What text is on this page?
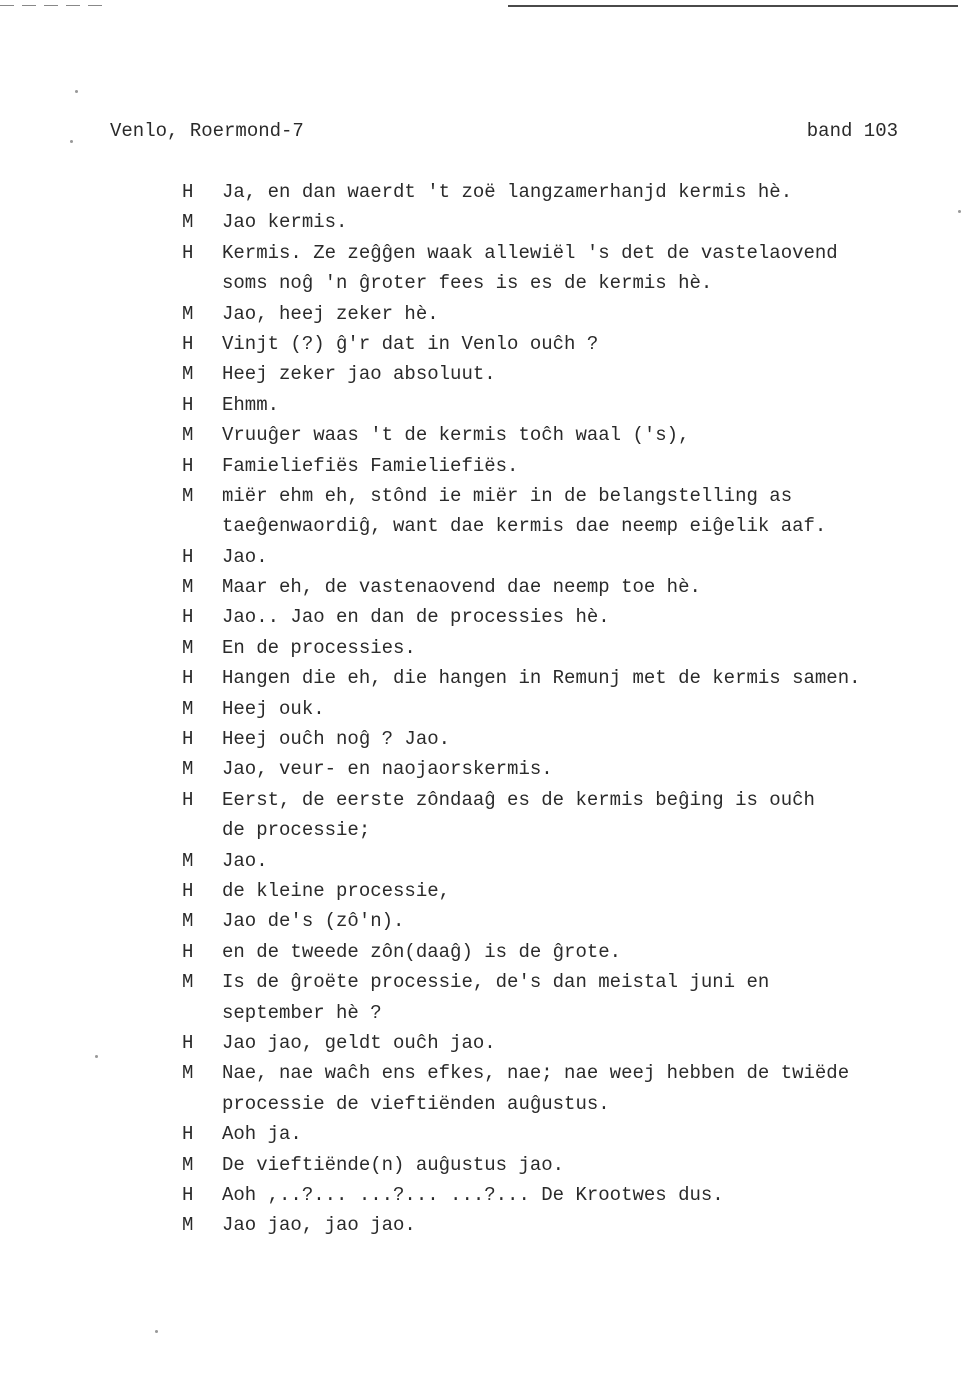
Venlo, Roermond-7	band 103
H	Ja, en dan waerdt 't zoë langzamerhanjd kermis hè.
M	Jao kermis.
H	Kermis. Ze zeĝĝen waak allewiël 's det de vastelaovend
soms noĝ 'n ĝroter fees is es de kermis hè.
M	Jao, heej zeker hè.
H	Vinjt (?) ĝ'r dat in Venlo ouĉh ?
M	Heej zeker jao absoluut.
H	Ehmm.
M	Vruuĝer waas 't de kermis toĉh waal ('s),
H	Famieliefiës Famieliefiës.
M	miër ehm eh, stônd ie miër in de belangstelling as
taeĝenwaordiĝ, want dae kermis dae neemp eiĝelik aaf.
H	Jao.
M	Maar eh, de vastenaovend dae neemp toe hè.
H	Jao.. Jao en dan de processies hè.
M	En de processies.
H	Hangen die eh, die hangen in Remunj met de kermis samen.
M	Heej ouk.
H	Heej ouĉh noĝ ? Jao.
M	Jao, veur- en naojaorskermis.
H	Eerst, de eerste zôndaaĝ es de kermis beĝing is ouĉh
de processie;
M	Jao.
H	de kleine processie,
M	Jao de's (zô'n).
H	en de tweede zôn(daaĝ) is de ĝrote.
M	Is de ĝroëte processie, de's dan meistal juni en
september hè ?
H	Jao jao, geldt ouĉh jao.
M	Nae, nae waĉh ens efkes, nae; nae weej hebben de twiëde
processie de vieftiënden auĝustus.
H	Aoh ja.
M	De vieftiënde(n) auĝustus jao.
H	Aoh ,..?... ...?... ...?... De Krootwes dus.
M	Jao jao, jao jao.
